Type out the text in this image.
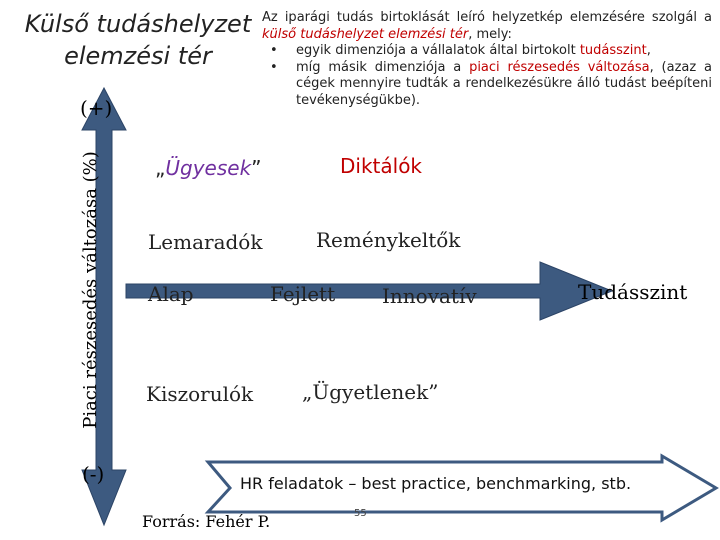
Külső tudáshelyzet elemzési tér
Az iparági tudás birtoklását leíró helyzetkép elemzésére szolgál a külső tudáshelyzet elemzési tér, mely:
• egyik dimenziója a vállalatok által birtokolt tudásszint,
• míg másik dimenziója a piaci részesedés változása, (azaz a cégek mennyire tudták a rendelkezésükre álló tudást beépíteni tevékenységükbe).
(+)
Piaci részesedés változása (%)
(-)
„Ügyesek”	Diktálók
Lemaradók	Reménykeltők
Alap	Fejlett Innovatív	Tudásszint
Kiszorulók „Ügyetlenek”
HR feladatok – best practice, benchmarking, stb.
Forrás: Fehér P.	55
